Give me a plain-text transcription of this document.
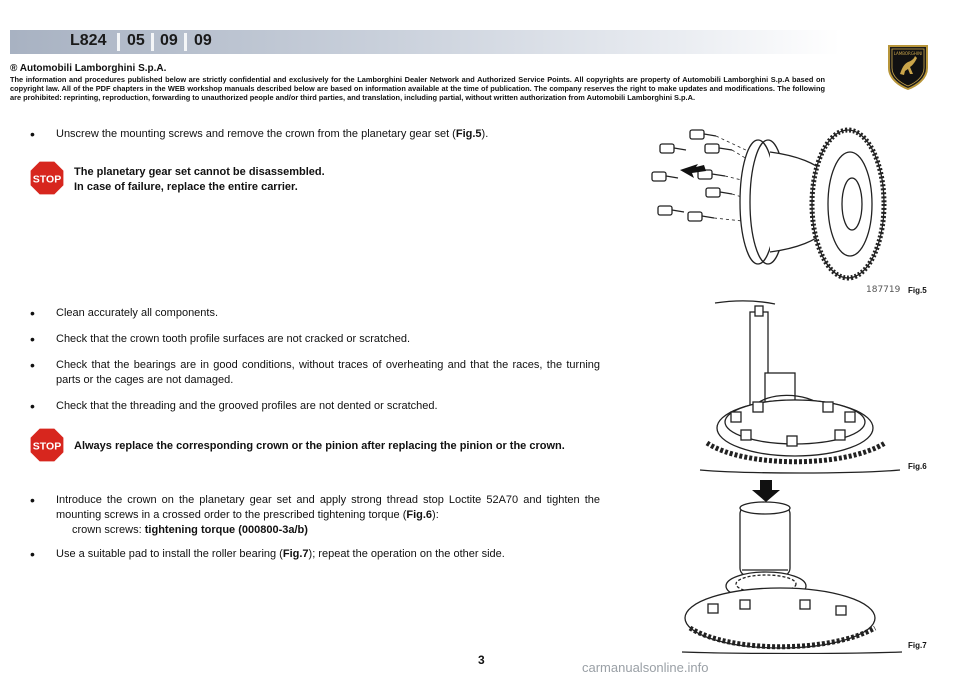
L824 05 09 09
LAMBORGHINI
® Automobili Lamborghini S.p.A.
The information and procedures published below are strictly confidential and exclusively for the Lamborghini Dealer Network and Authorized Service Points. All copyrights are property of Automobili Lamborghini S.p.A based on copyright law. All of the PDF chapters in the WEB workshop manuals described below are based on information available at the time of publication. The company reserves the right to make updates and modifications. The following are prohibited: reprinting, reproduction, forwarding to unauthorized people and/or third parties, and translation, including partial, without written authorization from Automobili Lamborghini S.p.A.
• Unscrew the mounting screws and remove the crown from the planetary gear set (Fig.5).
STOP
The planetary gear set cannot be disassembled.
In case of failure, replace the entire carrier.
• Clean accurately all components.
• Check that the crown tooth profile surfaces are not cracked or scratched.
• Check that the bearings are in good conditions, without traces of overheating and that the races, the turning parts or the cages are not damaged.
• Check that the threading and the grooved profiles are not dented or scratched.
STOP Always replace the corresponding crown or the pinion after replacing the pinion or the crown.
• Introduce the crown on the planetary gear set and apply strong thread stop Loctite 52A70 and tighten the mounting screws in a crossed order to the prescribed tightening torque (Fig.6):
crown screws: tightening torque (000800-3a/b)
• Use a suitable pad to install the roller bearing (Fig.7); repeat the operation on the other side.
187719 Fig.5
Fig.6
Fig.7
3	carmanualsonline.info
